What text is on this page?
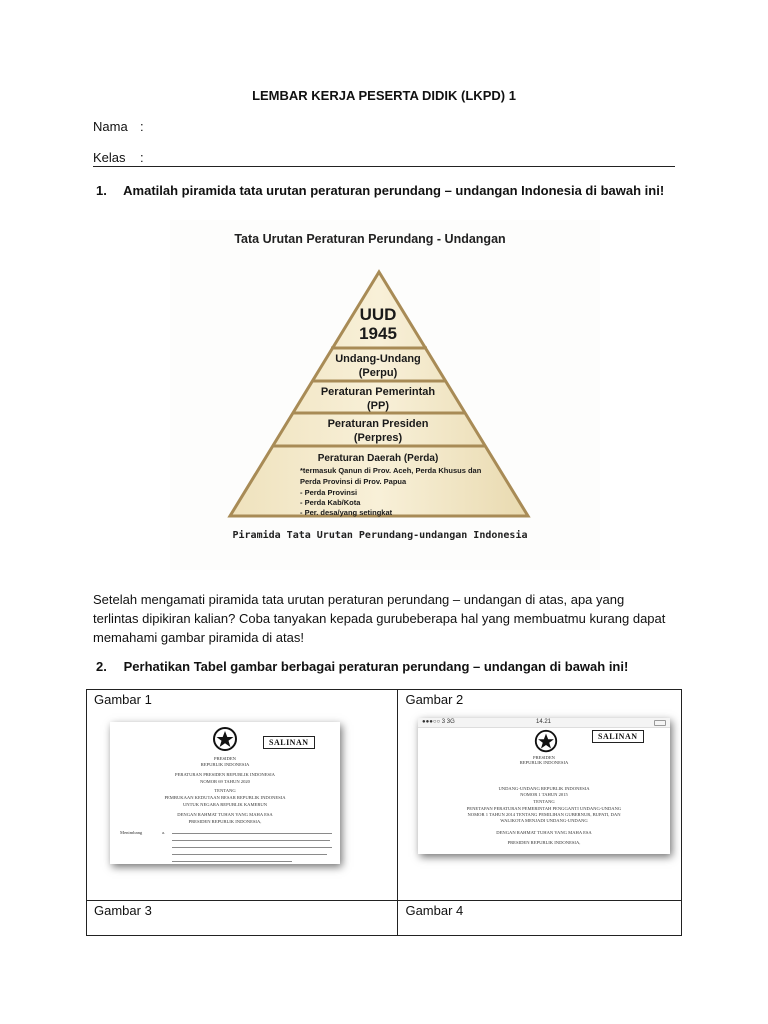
LEMBAR KERJA PESERTA DIDIK (LKPD) 1
Nama :
Kelas :
1. Amatilah piramida tata urutan peraturan perundang – undangan Indonesia di bawah ini!
Tata Urutan Peraturan Perundang - Undangan
UUD
1945
Undang-Undang
(Perpu)
Peraturan Pemerintah
(PP)
Peraturan Presiden
(Perpres)
Peraturan Daerah (Perda)
*termasuk Qanun di Prov. Aceh, Perda Khusus dan
Perda Provinsi di Prov. Papua
- Perda Provinsi
- Perda Kab/Kota
- Per. desa/yang setingkat
Piramida Tata Urutan Perundang-undangan Indonesia
Setelah mengamati piramida tata urutan peraturan perundang – undangan di atas, apa yang
terlintas dipikiran kalian? Coba tanyakan kepada gurubeberapa hal yang membuatmu kurang dapat
memahami gambar piramida di atas!
2. Perhatikan Tabel gambar berbagai peraturan perundang – undangan di bawah ini!
Gambar 1	Gambar 2

Gambar 3	Gambar 4
SALINAN
PRESIDEN
REPUBLIK INDONESIA
PERATURAN PRESIDEN REPUBLIK INDONESIA
NOMOR 69 TAHUN 2020
TENTANG
PEMBUKAAN KEDUTAAN BESAR REPUBLIK INDONESIA
UNTUK NEGARA REPUBLIK KAMERUN
DENGAN RAHMAT TUHAN YANG MAHA ESA
PRESIDEN REPUBLIK INDONESIA,
Menimbang	a.
●●●○○ 3 3G	14.21
SALINAN
PRESIDEN
REPUBLIK INDONESIA
UNDANG-UNDANG REPUBLIK INDONESIA
NOMOR 1 TAHUN 2015
TENTANG
PENETAPAN PERATURAN PEMERINTAH PENGGANTI UNDANG-UNDANG
NOMOR 1 TAHUN 2014 TENTANG PEMILIHAN GUBERNUR, BUPATI, DAN
WALIKOTA MENJADI UNDANG-UNDANG
DENGAN RAHMAT TUHAN YANG MAHA ESA
PRESIDEN REPUBLIK INDONESIA,
